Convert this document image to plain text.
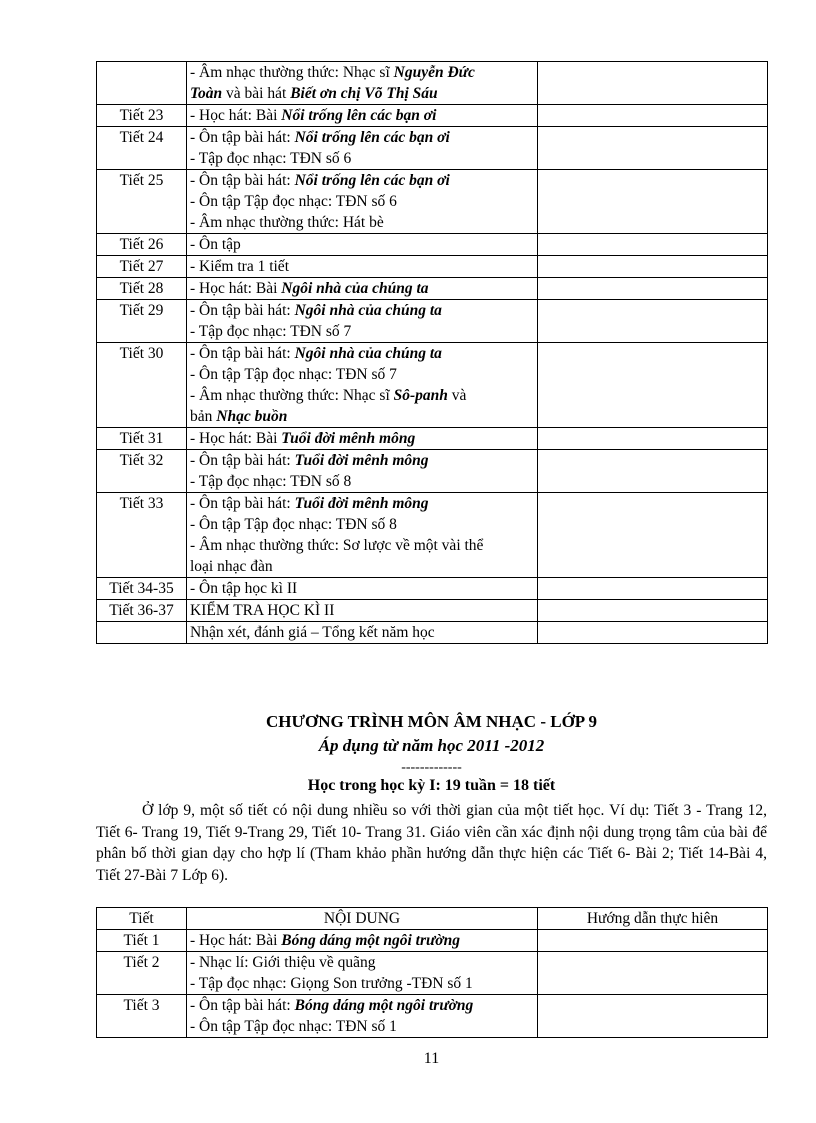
	- Âm nhạc thường thức: Nhạc sĩ Nguyễn Đức
Toàn và bài hát Biết ơn chị Võ Thị Sáu	

Tiết 23	- Học hát: Bài Nổi trống lên các bạn ơi	

Tiết 24	- Ôn tập bài hát: Nổi trống lên các bạn ơi
- Tập đọc nhạc: TĐN số 6	

Tiết 25	- Ôn tập bài hát: Nổi trống lên các bạn ơi
- Ôn tập Tập đọc nhạc: TĐN số 6
- Âm nhạc thường thức: Hát bè	

Tiết 26	- Ôn tập	

Tiết 27	- Kiểm tra 1 tiết	

Tiết 28	- Học hát: Bài Ngôi nhà của chúng ta	

Tiết 29	- Ôn tập bài hát: Ngôi nhà của chúng ta
- Tập đọc nhạc: TĐN số 7	

Tiết 30	- Ôn tập bài hát: Ngôi nhà của chúng ta
- Ôn tập Tập đọc nhạc: TĐN số 7
- Âm nhạc thường thức: Nhạc sĩ Sô-panh và
bản Nhạc buồn	

Tiết 31	- Học hát: Bài Tuổi đời mênh mông	

Tiết 32	- Ôn tập bài hát: Tuổi đời mênh mông
- Tập đọc nhạc: TĐN số 8	

Tiết 33	- Ôn tập bài hát: Tuổi đời mênh mông
- Ôn tập Tập đọc nhạc: TĐN số 8
- Âm nhạc thường thức: Sơ lược về một vài thể
loại nhạc đàn	

Tiết 34-35	- Ôn tập học kì II	

Tiết 36-37	KIỂM TRA HỌC KÌ II	

	Nhận xét, đánh giá – Tổng kết năm học	

CHƯƠNG TRÌNH MÔN ÂM NHẠC - LỚP 9
Áp dụng từ năm học 2011 -2012
-------------
Học trong học kỳ I: 19 tuần = 18 tiết
Ở lớp 9, một số tiết có nội dung nhiều so với thời gian của một tiết học. Ví dụ: Tiết 3 - Trang 12, Tiết 6- Trang 19, Tiết 9-Trang 29, Tiết 10- Trang 31. Giáo viên cần xác định nội dung trọng tâm của bài để phân bố thời gian dạy cho hợp lí (Tham khảo phần hướng dẫn thực hiện các Tiết 6- Bài 2; Tiết 14-Bài 4, Tiết 27-Bài 7 Lớp 6).
Tiết	NỘI DUNG	Hướng dẫn thực hiên
Tiết 1	- Học hát: Bài Bóng dáng một ngôi trường	

Tiết 2	- Nhạc lí: Giới thiệu về quãng
- Tập đọc nhạc: Giọng Son trưởng -TĐN số 1	

Tiết 3	- Ôn tập bài hát: Bóng dáng một ngôi trường
- Ôn tập Tập đọc nhạc: TĐN số 1	

11
